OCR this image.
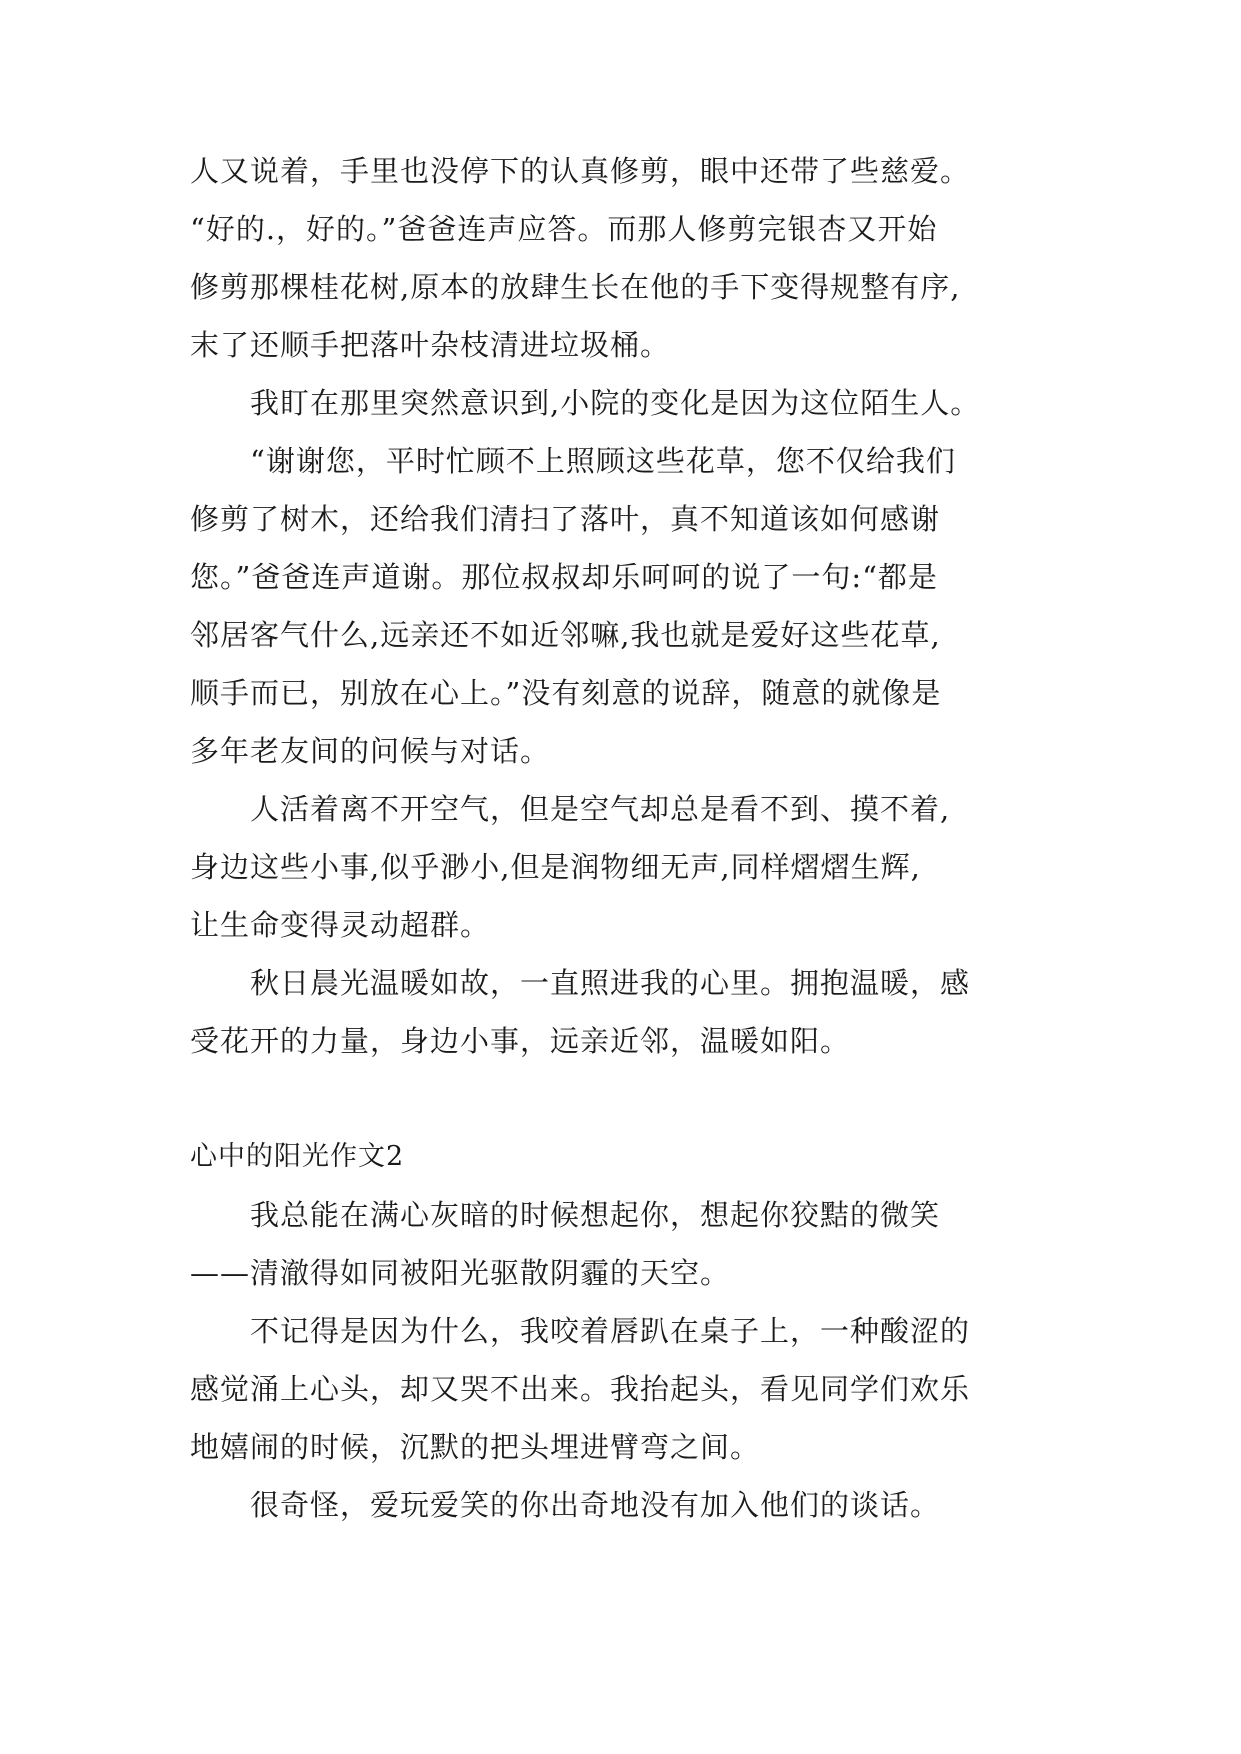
人又说着，手里也没停下的认真修剪，眼中还带了些慈爱。
“好的.，好的。”爸爸连声应答。而那人修剪完银杏又开始
修剪那棵桂花树,原本的放肆生长在他的手下变得规整有序,
末了还顺手把落叶杂枝清进垃圾桶。
　　我盯在那里突然意识到,小院的变化是因为这位陌生人。
　　“谢谢您，平时忙顾不上照顾这些花草，您不仅给我们
修剪了树木，还给我们清扫了落叶，真不知道该如何感谢
您。”爸爸连声道谢。那位叔叔却乐呵呵的说了一句:“都是
邻居客气什么,远亲还不如近邻嘛,我也就是爱好这些花草,
顺手而已，别放在心上。”没有刻意的说辞，随意的就像是
多年老友间的问候与对话。
　　人活着离不开空气，但是空气却总是看不到、摸不着,
身边这些小事,似乎渺小,但是润物细无声,同样熠熠生辉,
让生命变得灵动超群。
　　秋日晨光温暖如故，一直照进我的心里。拥抱温暖，感
受花开的力量，身边小事，远亲近邻，温暖如阳。
心中的阳光作文2
　　我总能在满心灰暗的时候想起你，想起你狡黠的微笑
——清澈得如同被阳光驱散阴霾的天空。
　　不记得是因为什么，我咬着唇趴在桌子上，一种酸涩的
感觉涌上心头，却又哭不出来。我抬起头，看见同学们欢乐
地嬉闹的时候，沉默的把头埋进臂弯之间。
　　很奇怪，爱玩爱笑的你出奇地没有加入他们的谈话。
